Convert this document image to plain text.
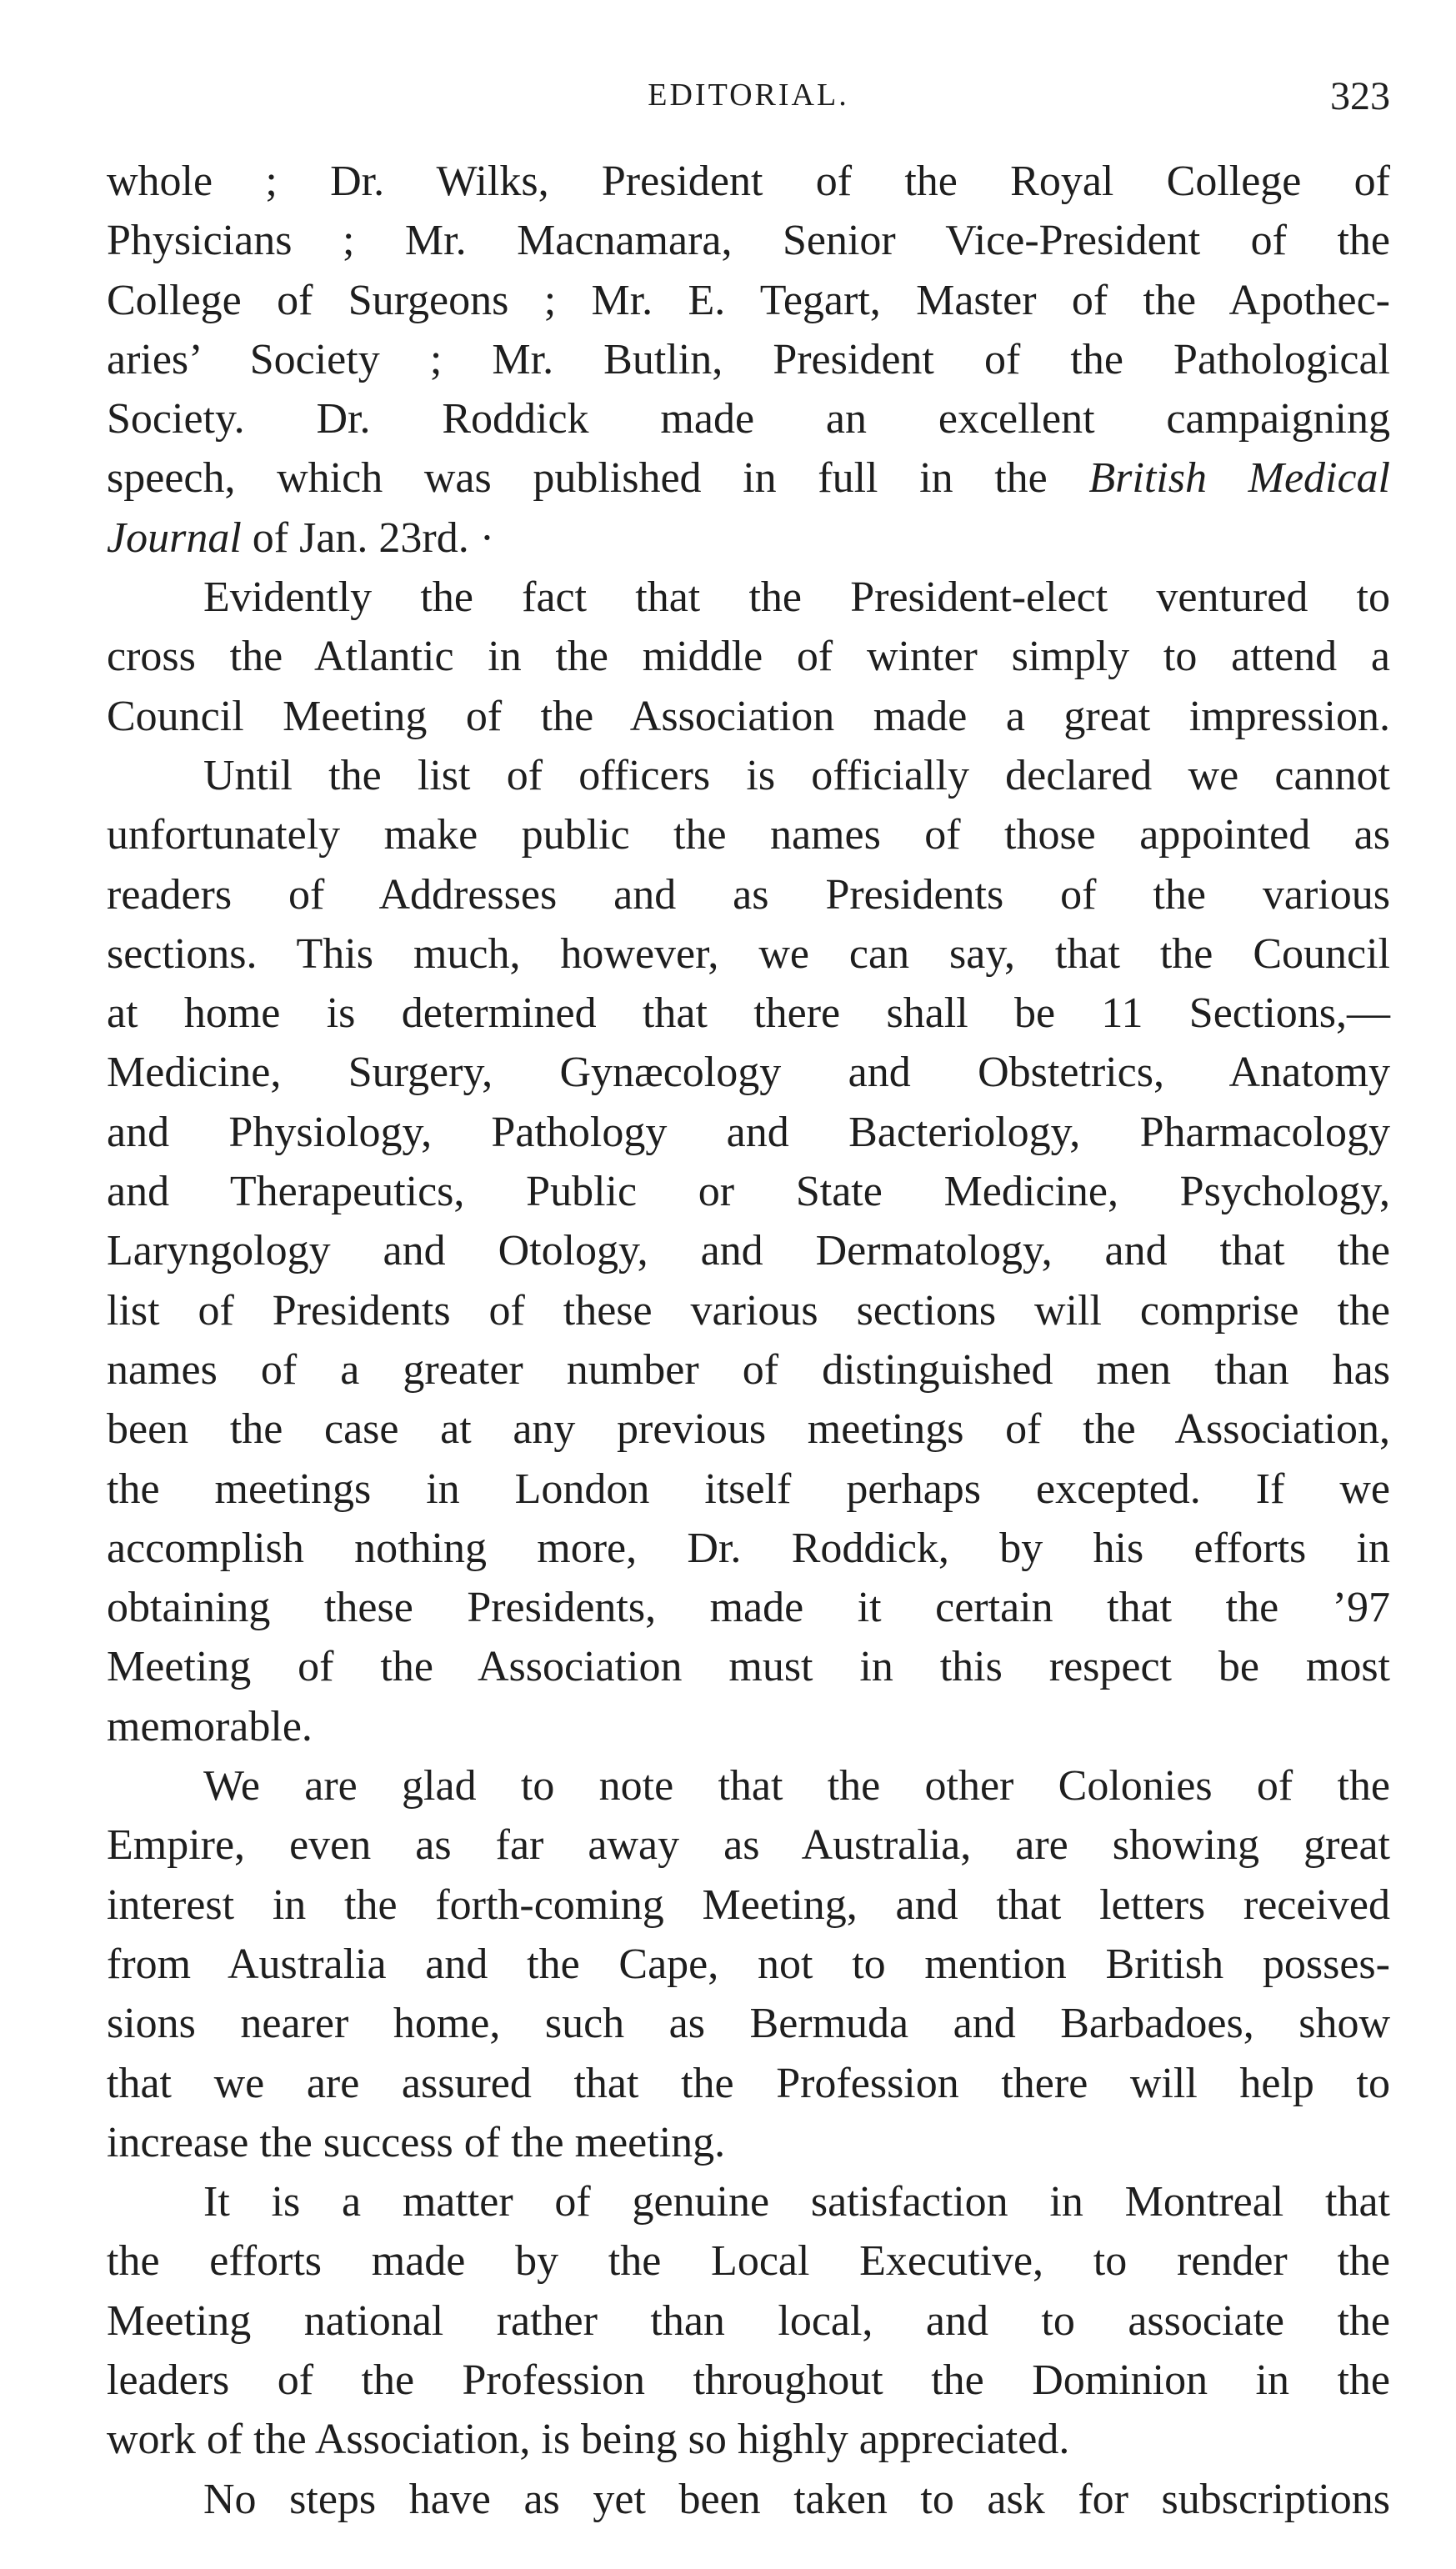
EDITORIAL.	323
whole ; Dr. Wilks, President of the Royal College of
Physicians ; Mr. Macnamara, Senior Vice-President of the
College of Surgeons ; Mr. E. Tegart, Master of the Apothec-
aries’ Society ; Mr. Butlin, President of the Pathological
Society. Dr. Roddick made an excellent campaigning
speech, which was published in full in the British Medical
Journal of Jan. 23rd. ·
Evidently the fact that the President-elect ventured to
cross the Atlantic in the middle of winter simply to attend a
Council Meeting of the Association made a great impression.
Until the list of officers is officially declared we cannot
unfortunately make public the names of those appointed as
readers of Addresses and as Presidents of the various
sections. This much, however, we can say, that the Council
at home is determined that there shall be 11 Sections,—
Medicine, Surgery, Gynæcology and Obstetrics, Anatomy
and Physiology, Pathology and Bacteriology, Pharmacology
and Therapeutics, Public or State Medicine, Psychology,
Laryngology and Otology, and Dermatology, and that the
list of Presidents of these various sections will comprise the
names of a greater number of distinguished men than has
been the case at any previous meetings of the Association,
the meetings in London itself perhaps excepted. If we
accomplish nothing more, Dr. Roddick, by his efforts in
obtaining these Presidents, made it certain that the ’97
Meeting of the Association must in this respect be most
memorable.
We are glad to note that the other Colonies of the
Empire, even as far away as Australia, are showing great
interest in the forth-coming Meeting, and that letters received
from Australia and the Cape, not to mention British posses-
sions nearer home, such as Bermuda and Barbadoes, show
that we are assured that the Profession there will help to
increase the success of the meeting.
It is a matter of genuine satisfaction in Montreal that
the efforts made by the Local Executive, to render the
Meeting national rather than local, and to associate the
leaders of the Profession throughout the Dominion in the
work of the Association, is being so highly appreciated.
No steps have as yet been taken to ask for subscriptions
